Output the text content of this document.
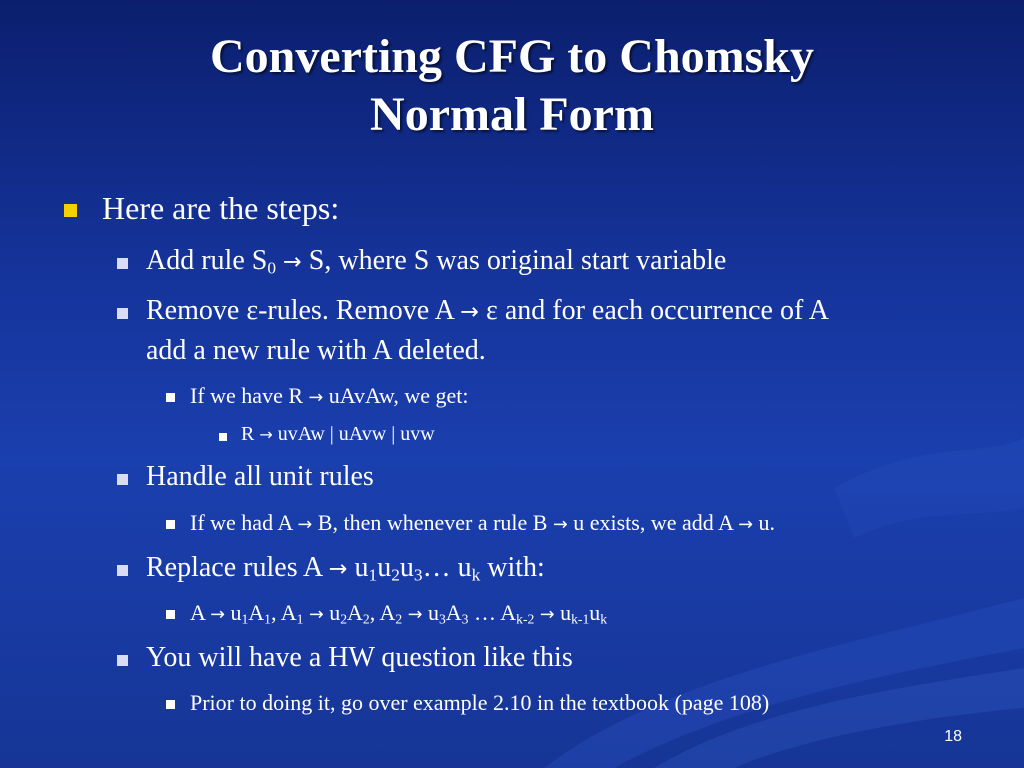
Converting CFG to Chomsky
Normal Form
Here are the steps:
Add rule $S_0 \to S$, where S was original start variable
Remove ε-rules. Remove A → ε and for each occurrence of A
add a new rule with A deleted.
If we have R → uAvAw, we get:
R → uvAw | uAvw | uvw
Handle all unit rules
If we had A → B, then whenever a rule B → u exists, we add A → u.
Replace rules $A \to u_1u_2u_3\dots$ $u_k$ with:
$A \to u_1A_1$, $A_1 \to u_2A_2$, $A_2 \to u_3A_3$ … $A_{k-2} \to u_{k-1}u_k$
You will have a HW question like this
Prior to doing it, go over example 2.10 in the textbook (page 108)
18
